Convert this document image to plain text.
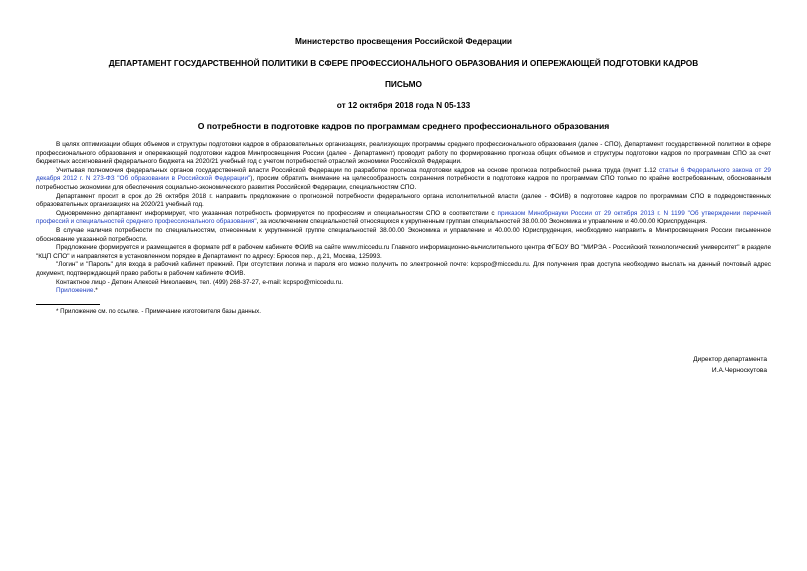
Министерство просвещения Российской Федерации

ДЕПАРТАМЕНТ ГОСУДАРСТВЕННОЙ ПОЛИТИКИ В СФЕРЕ ПРОФЕССИОНАЛЬНОГО ОБРАЗОВАНИЯ И ОПЕРЕЖАЮЩЕЙ ПОДГОТОВКИ КАДРОВ

ПИСЬМО

от 12 октября 2018 года N 05-133

О потребности в подготовке кадров по программам среднего профессионального образования

В целях оптимизации общих объемов и структуры подготовки кадров в образовательных организациях, реализующих программы среднего профессионального образования (далее - СПО), Департамент государственной политики в сфере профессионального образования и опережающей подготовки кадров Минпросвещения России (далее - Департамент) проводит работу по формированию прогноза общих объемов и структуры подготовки кадров по программам СПО за счет бюджетных ассигнований федерального бюджета на 2020/21 учебный год с учетом потребностей отраслей экономики Российской Федерации.

Учитывая полномочия федеральных органов государственной власти Российской Федерации по разработке прогноза подготовки кадров на основе прогноза потребностей рынка труда (пункт 1.12 статьи 6 Федерального закона от 29 декабря 2012 г. N 273-ФЗ "Об образовании в Российской Федерации"), просим обратить внимание на целесообразность сохранения потребности в подготовке кадров по программам СПО только по крайне востребованным, обоснованным потребностью экономики для обеспечения социально-экономического развития Российской Федерации, специальностям СПО.

Департамент просит в срок до 26 октября 2018 г. направить предложение о прогнозной потребности федерального органа исполнительной власти (далее - ФОИВ) в подготовке кадров по программам СПО в подведомственных образовательных организациях на 2020/21 учебный год.

Одновременно департамент информирует, что указанная потребность формируется по профессиям и специальностям СПО в соответствии с приказом Минобрнауки России от 29 октября 2013 г. N 1199 "Об утверждении перечней профессий и специальностей среднего профессионального образования", за исключением специальностей относящихся к укрупненным группам специальностей 38.00.00 Экономика и управление и 40.00.00 Юриспруденция.

В случае наличия потребности по специальностям, отнесенным к укрупненной группе специальностей 38.00.00 Экономика и управление и 40.00.00 Юриспруденция, необходимо направить в Минпросвещения России письменное обоснование указанной потребности.

Предложение формируется и размещается в формате pdf в рабочем кабинете ФОИВ на сайте www.miccedu.ru Главного информационно-вычислительного центра ФГБОУ ВО "МИРЭА - Российский технологический университет" в разделе "КЦП СПО" и направляется в установленном порядке в Департамент по адресу: Брюсов пер., д.21, Москва, 125993.

"Логин" и "Пароль" для входа в рабочий кабинет прежний. При отсутствии логина и пароля его можно получить по электронной почте: kcpspo@miccedu.ru. Для получения прав доступа необходимо выслать на данный почтовый адрес документ, подтверждающий право работы в рабочем кабинете ФОИВ.

Контактное лицо - Деткин Алексей Николаевич, тел. (499) 268-37-27, e-mail: kcpspo@miccedu.ru.

Приложение.*

* Приложение см. по ссылке. - Примечание изготовителя базы данных.

Директор департамента
И.А.Черноскутова
